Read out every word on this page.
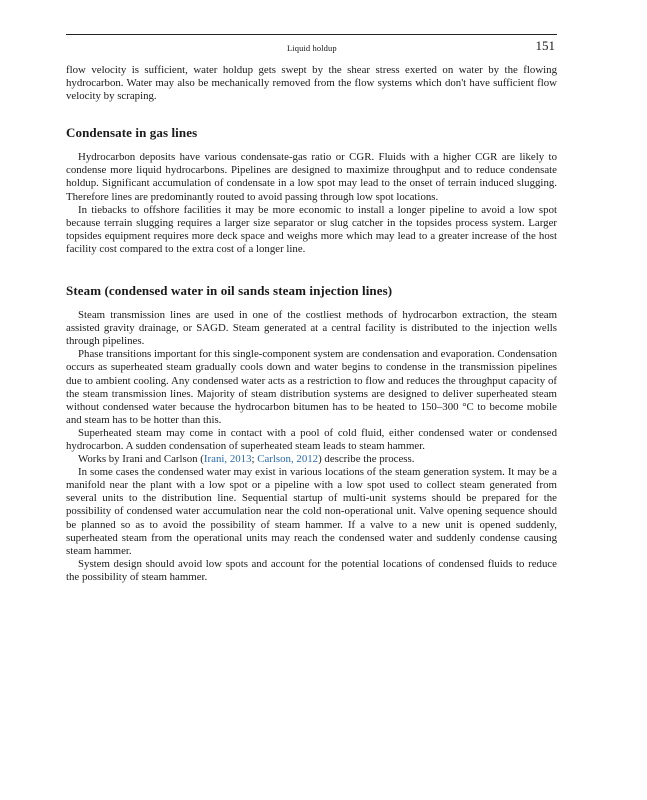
Liquid holdup	151

flow velocity is sufficient, water holdup gets swept by the shear stress exerted on water by the flowing hydrocarbon. Water may also be mechanically removed from the flow systems which don't have sufficient flow velocity by scraping.

Condensate in gas lines

Hydrocarbon deposits have various condensate-gas ratio or CGR. Fluids with a higher CGR are likely to condense more liquid hydrocarbons. Pipelines are designed to maximize throughput and to reduce condensate holdup. Significant accumulation of condensate in a low spot may lead to the onset of terrain induced slugging. Therefore lines are predominantly routed to avoid passing through low spot locations.

In tiebacks to offshore facilities it may be more economic to install a longer pipeline to avoid a low spot because terrain slugging requires a larger size separator or slug catcher in the topsides process system. Larger topsides equipment requires more deck space and weighs more which may lead to a greater increase of the host facility cost compared to the extra cost of a longer line.

Steam (condensed water in oil sands steam injection lines)

Steam transmission lines are used in one of the costliest methods of hydrocarbon extraction, the steam assisted gravity drainage, or SAGD. Steam generated at a central facility is distributed to the injection wells through pipelines.

Phase transitions important for this single-component system are condensation and evaporation. Condensation occurs as superheated steam gradually cools down and water begins to condense in the transmission pipelines due to ambient cooling. Any condensed water acts as a restriction to flow and reduces the throughput capacity of the steam transmission lines. Majority of steam distribution systems are designed to deliver superheated steam without condensed water because the hydrocarbon bitumen has to be heated to 150–300 °C to become mobile and steam has to be hotter than this.

Superheated steam may come in contact with a pool of cold fluid, either condensed water or condensed hydrocarbon. A sudden condensation of superheated steam leads to steam hammer.

Works by Irani and Carlson (Irani, 2013; Carlson, 2012) describe the process.

In some cases the condensed water may exist in various locations of the steam generation system. It may be a manifold near the plant with a low spot or a pipeline with a low spot used to collect steam generated from several units to the distribution line. Sequential startup of multi-unit systems should be prepared for the possibility of condensed water accumulation near the cold non-operational unit. Valve opening sequence should be planned so as to avoid the possibility of steam hammer. If a valve to a new unit is opened suddenly, superheated steam from the operational units may reach the condensed water and suddenly condense causing steam hammer.

System design should avoid low spots and account for the potential locations of condensed fluids to reduce the possibility of steam hammer.
